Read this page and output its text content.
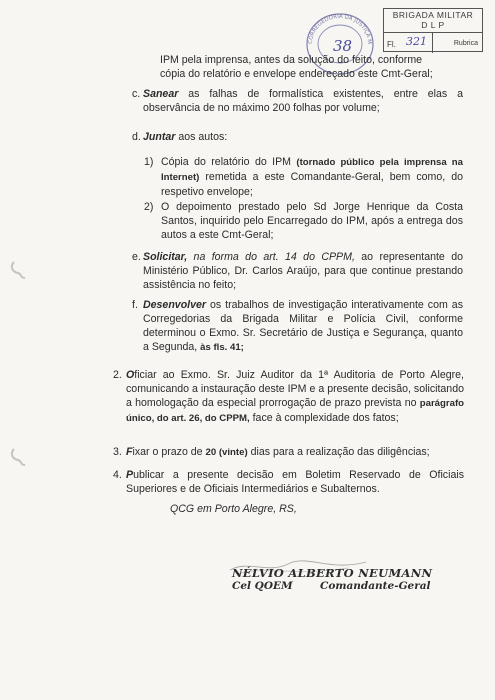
CORREGEDORIA DA JUSTIÇA M
38
BRIGADA MILITAR
D L P
Fl. 321	Rubrica
IPM pela imprensa, antes da solução do feito, conforme
cópia do relatório e envelope endereçado este Cmt-Geral;
c. Sanear as falhas de formalística existentes, entre elas a observância de no máximo 200 folhas por volume;
d. Juntar aos autos:
1) Cópia do relatório do IPM (tornado público pela imprensa na Internet) remetida a este Comandante-Geral, bem como, do respetivo envelope;
2) O depoimento prestado pelo Sd Jorge Henrique da Costa Santos, inquirido pelo Encarregado do IPM, após a entrega dos autos a este Cmt-Geral;
e. Solicitar, na forma do art. 14 do CPPM, ao representante do Ministério Público, Dr. Carlos Araújo, para que continue prestando assistência no feito;
f. Desenvolver os trabalhos de investigação interativamente com as Corregedorias da Brigada Militar e Polícia Civil, conforme determinou o Exmo. Sr. Secretário de Justiça e Segurança, quanto a Segunda, às fls. 41;
2. Oficiar ao Exmo. Sr. Juiz Auditor da 1ª Auditoria de Porto Alegre, comunicando a instauração deste IPM e a presente decisão, solicitando a homologação da especial prorrogação de prazo prevista no parágrafo único, do art. 26, do CPPM, face à complexidade dos fatos;
3. Fixar o prazo de 20 (vinte) dias para a realização das diligências;
4. Publicar a presente decisão em Boletim Reservado de Oficiais Superiores e de Oficiais Intermediários e Subalternos.
QCG em Porto Alegre, RS,
NÉLVIO ALBERTO NEUMANN
Cel QOEM	Comandante-Geral
